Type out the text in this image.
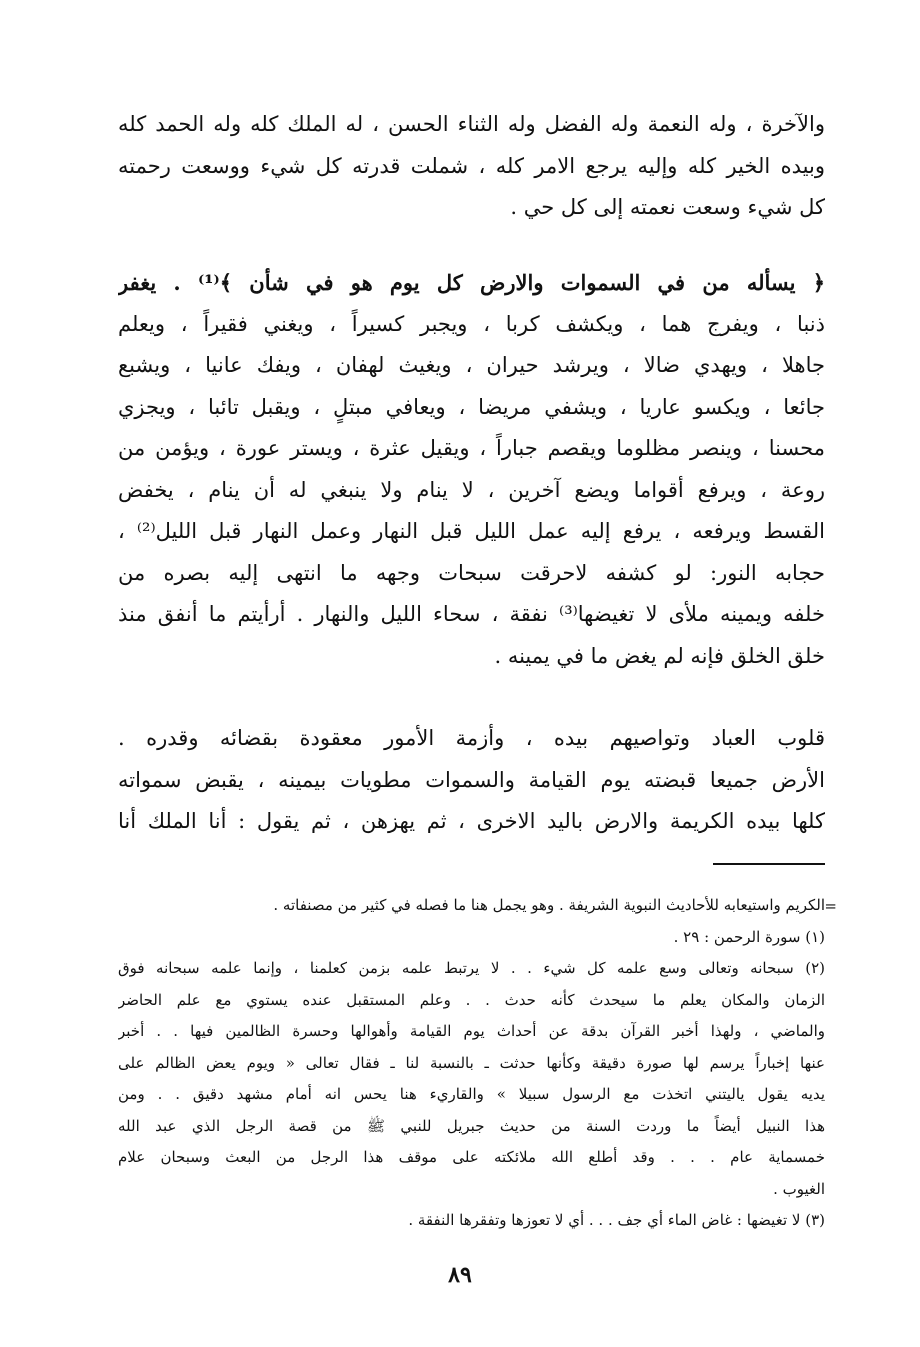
والآخرة ، وله النعمة وله الفضل وله الثناء الحسن ، له الملك كله وله الحمد كله
وبيده الخير كله وإليه يرجع الامر كله ، شملت قدرته كل شيء ووسعت رحمته
كل شيء وسعت نعمته إلى كل حي .
﴿ يسأله من في السموات والارض كل يوم هو في شأن ﴾⁽¹⁾ . يغفر
ذنبا ، ويفرج هما ، ويكشف كربا ، ويجبر كسيراً ، ويغني فقيراً ، ويعلم
جاهلا ، ويهدي ضالا ، ويرشد حيران ، ويغيث لهفان ، ويفك عانيا ، ويشبع
جائعا ، ويكسو عاريا ، ويشفي مريضا ، ويعافي مبتلٍ ، ويقبل تائبا ، ويجزي
محسنا ، وينصر مظلوما ويقصم جباراً ، ويقيل عثرة ، ويستر عورة ، ويؤمن من
روعة ، ويرفع أقواما ويضع آخرين ، لا ينام ولا ينبغي له أن ينام ، يخفض
القسط ويرفعه ، يرفع إليه عمل الليل قبل النهار وعمل النهار قبل الليل⁽²⁾ ،
حجابه النور: لو كشفه لاحرقت سبحات وجهه ما انتهى إليه بصره من
خلفه ويمينه ملأى لا تغيضها⁽³⁾ نفقة ، سحاء الليل والنهار . أرأيتم ما أنفق منذ
خلق الخلق فإنه لم يغض ما في يمينه .
قلوب العباد وتواصيهم بيده ، وأزمة الأمور معقودة بقضائه وقدره .
الأرض جميعا قبضته يوم القيامة والسموات مطويات بيمينه ، يقبض سمواته
كلها بيده الكريمة والارض باليد الاخرى ، ثم يهزهن ، ثم يقول : أنا الملك أنا
=
الكريم واستيعابه للأحاديث النبوية الشريفة . وهو يجمل هنا ما فصله في كثير من مصنفاته .
(١) سورة الرحمن : ٢٩ .
(٢) سبحانه وتعالى وسع علمه كل شيء . . لا يرتبط علمه بزمن كعلمنا ، وإنما علمه سبحانه فوق
الزمان والمكان يعلم ما سيحدث كأنه حدث . . وعلم المستقبل عنده يستوي مع علم الحاضر
والماضي ، ولهذا أخبر القرآن بدقة عن أحداث يوم القيامة وأهوالها وحسرة الظالمين فيها . . أخبر
عنها إخباراً يرسم لها صورة دقيقة وكأنها حدثت ـ بالنسبة لنا ـ فقال تعالى « ويوم يعض الظالم على
يديه يقول ياليتني اتخذت مع الرسول سبيلا » والقاريء هنا يحس انه أمام مشهد دقيق . . ومن
هذا النبيل أيضاً ما وردت السنة من حديث جبريل للنبي ﷺ من قصة الرجل الذي عبد الله
خمسماية عام . . . وقد أطلع الله ملائكته على موقف هذا الرجل من البعث وسبحان علام
الغيوب .
(٣) لا تغيضها : غاض الماء أي جف . . . أي لا تعوزها وتفقرها النفقة .
٨٩
